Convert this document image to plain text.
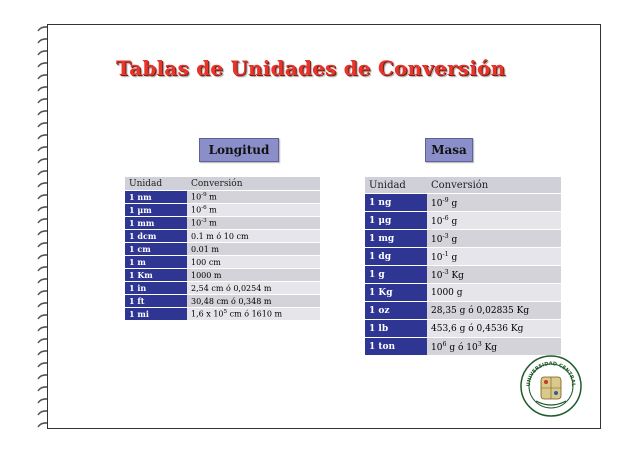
Tablas de Unidades de Conversión
Longitud	Masa
Unidad	Conversión
1 nm	$10^{-9}$ m
1 μm	$10^{-6}$ m
1 mm	$10^{-3}$ m
1 dcm	0.1 m ó 10 cm
1 cm	0.01 m
1 m	100 cm
1 Km	1000 m
1 in	2,54 cm ó 0,0254 m
1 ft	30,48 cm ó 0,348 m
1 mi	1,6 x $10^5$ cm ó 1610 m
Unidad	Conversión
1 ng	$10^{-9}$ g
1 μg	$10^{-6}$ g
1 mg	$10^{-3}$ g
1 dg	$10^{-1}$ g
1 g	$10^{-3}$ Kg
1 Kg	1000 g
1 oz	28,35 g ó 0,02835 Kg
1 lb	453,6 g ó 0,4536 Kg
1 ton	$10^6$ g ó $10^3$ Kg
UNIVERSIDAD CENTRAL
